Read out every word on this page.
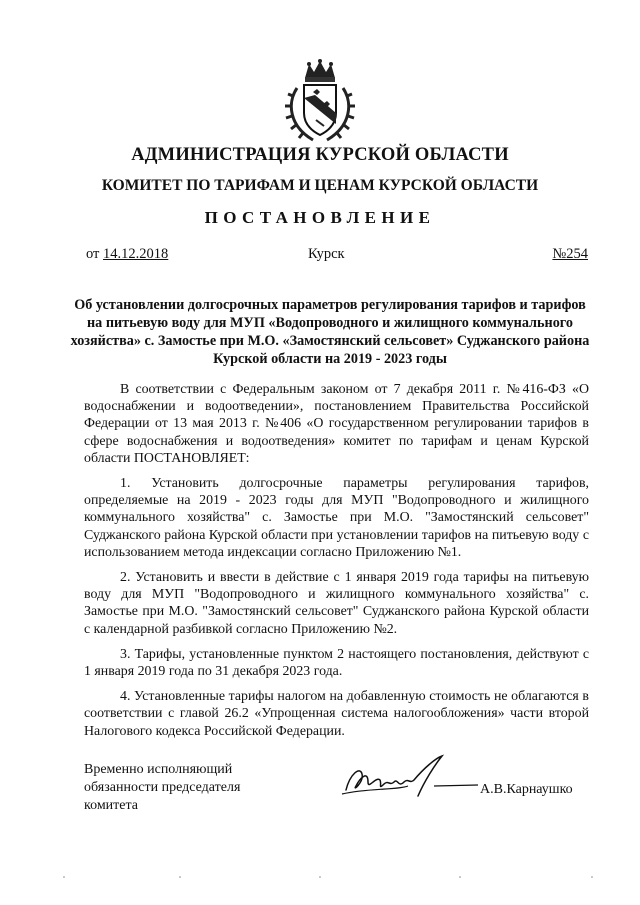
АДМИНИСТРАЦИЯ КУРСКОЙ ОБЛАСТИ
КОМИТЕТ ПО ТАРИФАМ И ЦЕНАМ КУРСКОЙ ОБЛАСТИ
ПОСТАНОВЛЕНИЕ
от 14.12.2018	Курск	№254
Об установлении долгосрочных параметров регулирования тарифов и тарифов на питьевую воду для МУП «Водопроводного и жилищного коммунального хозяйства» с. Замостье при М.О. «Замостянский сельсовет» Суджанского района Курской области на 2019 - 2023 годы

В соответствии с Федеральным законом от 7 декабря 2011 г. №416-ФЗ «О водоснабжении и водоотведении», постановлением Правительства Российской Федерации от 13 мая 2013 г. №406 «О государственном регулировании тарифов в сфере водоснабжения и водоотведения» комитет по тарифам и ценам Курской области ПОСТАНОВЛЯЕТ:

1. Установить долгосрочные параметры регулирования тарифов, определяемые на 2019 - 2023 годы для МУП "Водопроводного и жилищного коммунального хозяйства" с. Замостье при М.О. "Замостянский сельсовет" Суджанского района Курской области при установлении тарифов на питьевую воду с использованием метода индексации согласно Приложению №1.

2. Установить и ввести в действие с 1 января 2019 года тарифы на питьевую воду для МУП "Водопроводного и жилищного коммунального хозяйства" с. Замостье при М.О. "Замостянский сельсовет" Суджанского района Курской области с календарной разбивкой согласно Приложению №2.

3. Тарифы, установленные пунктом 2 настоящего постановления, действуют с 1 января 2019 года по 31 декабря 2023 года.

4. Установленные тарифы налогом на добавленную стоимость не облагаются в соответствии с главой 26.2 «Упрощенная система налогообложения» части второй Налогового кодекса Российской Федерации.

Временно исполняющий
обязанности председателя
комитета
А.В.Карнаушко
